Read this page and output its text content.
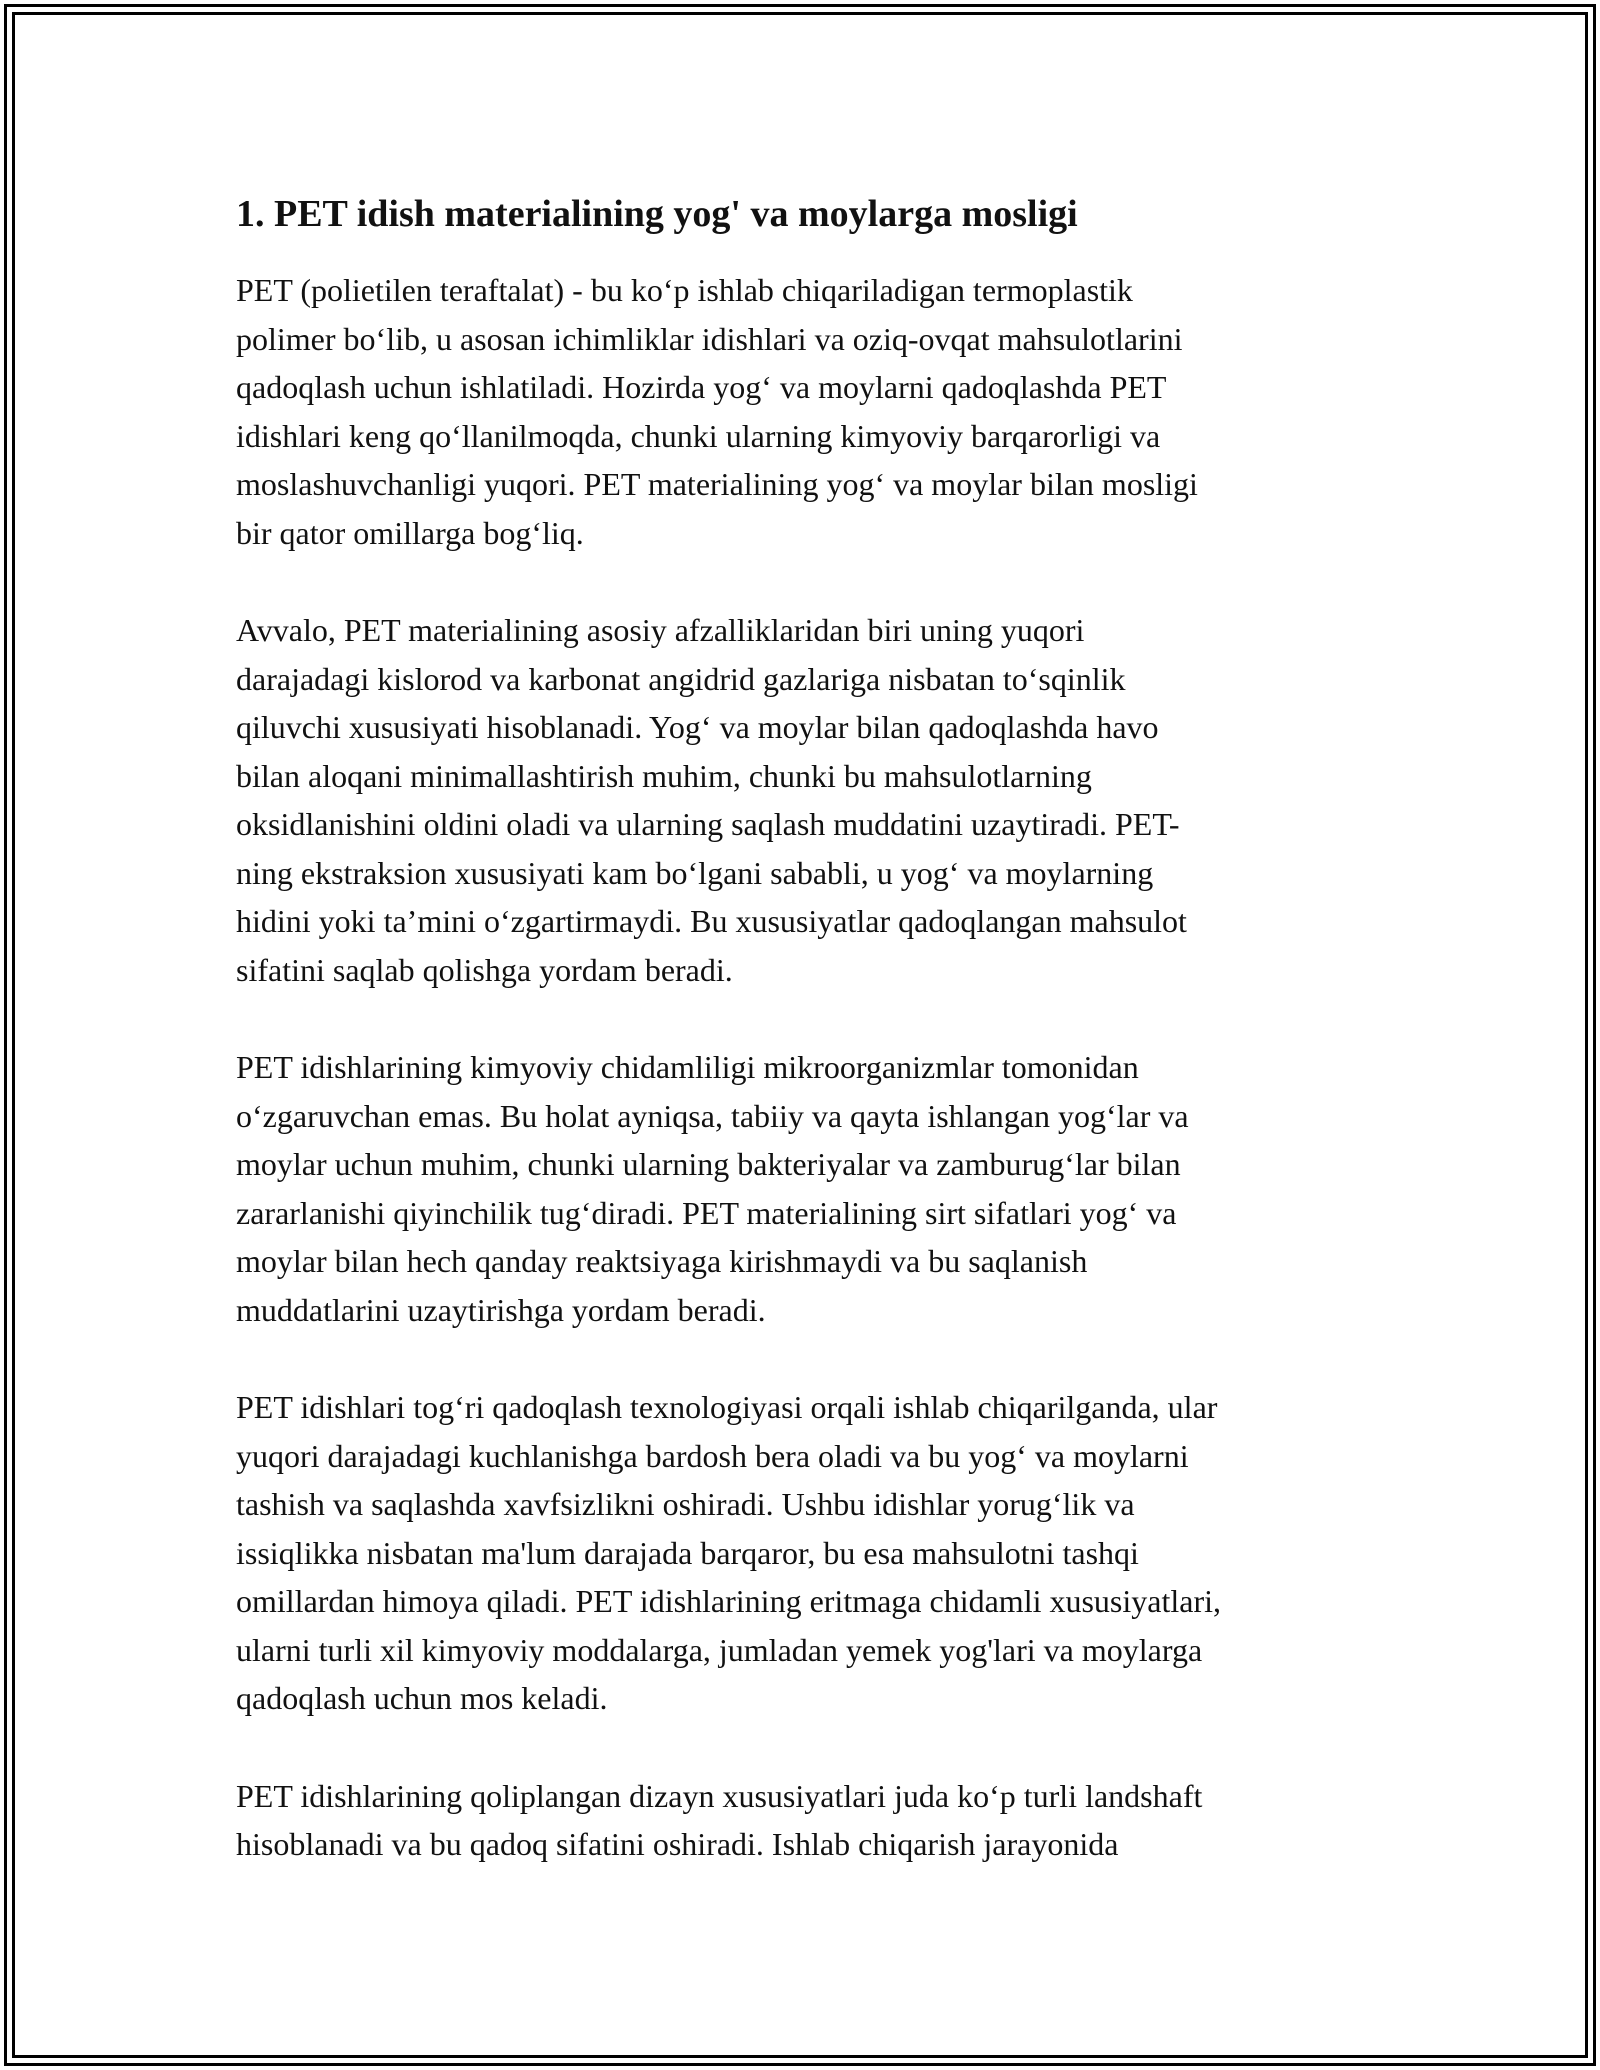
1. PET idish materialining yog' va moylarga mosligi

PET (polietilen teraftalat) - bu ko‘p ishlab chiqariladigan termoplastik
polimer bo‘lib, u asosan ichimliklar idishlari va oziq-ovqat mahsulotlarini
qadoqlash uchun ishlatiladi. Hozirda yog‘ va moylarni qadoqlashda PET
idishlari keng qo‘llanilmoqda, chunki ularning kimyoviy barqarorligi va
moslashuvchanligi yuqori. PET materialining yog‘ va moylar bilan mosligi
bir qator omillarga bog‘liq.

Avvalo, PET materialining asosiy afzalliklaridan biri uning yuqori
darajadagi kislorod va karbonat angidrid gazlariga nisbatan to‘sqinlik
qiluvchi xususiyati hisoblanadi. Yog‘ va moylar bilan qadoqlashda havo
bilan aloqani minimallashtirish muhim, chunki bu mahsulotlarning
oksidlanishini oldini oladi va ularning saqlash muddatini uzaytiradi. PET-
ning ekstraksion xususiyati kam bo‘lgani sababli, u yog‘ va moylarning
hidini yoki ta’mini o‘zgartirmaydi. Bu xususiyatlar qadoqlangan mahsulot
sifatini saqlab qolishga yordam beradi.

PET idishlarining kimyoviy chidamliligi mikroorganizmlar tomonidan
o‘zgaruvchan emas. Bu holat ayniqsa, tabiiy va qayta ishlangan yog‘lar va
moylar uchun muhim, chunki ularning bakteriyalar va zamburug‘lar bilan
zararlanishi qiyinchilik tug‘diradi. PET materialining sirt sifatlari yog‘ va
moylar bilan hech qanday reaktsiyaga kirishmaydi va bu saqlanish
muddatlarini uzaytirishga yordam beradi.

PET idishlari tog‘ri qadoqlash texnologiyasi orqali ishlab chiqarilganda, ular
yuqori darajadagi kuchlanishga bardosh bera oladi va bu yog‘ va moylarni
tashish va saqlashda xavfsizlikni oshiradi. Ushbu idishlar yorug‘lik va
issiqlikka nisbatan ma'lum darajada barqaror, bu esa mahsulotni tashqi
omillardan himoya qiladi. PET idishlarining eritmaga chidamli xususiyatlari,
ularni turli xil kimyoviy moddalarga, jumladan yemek yog'lari va moylarga
qadoqlash uchun mos keladi.

PET idishlarining qoliplangan dizayn xususiyatlari juda ko‘p turli landshaft
hisoblanadi va bu qadoq sifatini oshiradi. Ishlab chiqarish jarayonida
